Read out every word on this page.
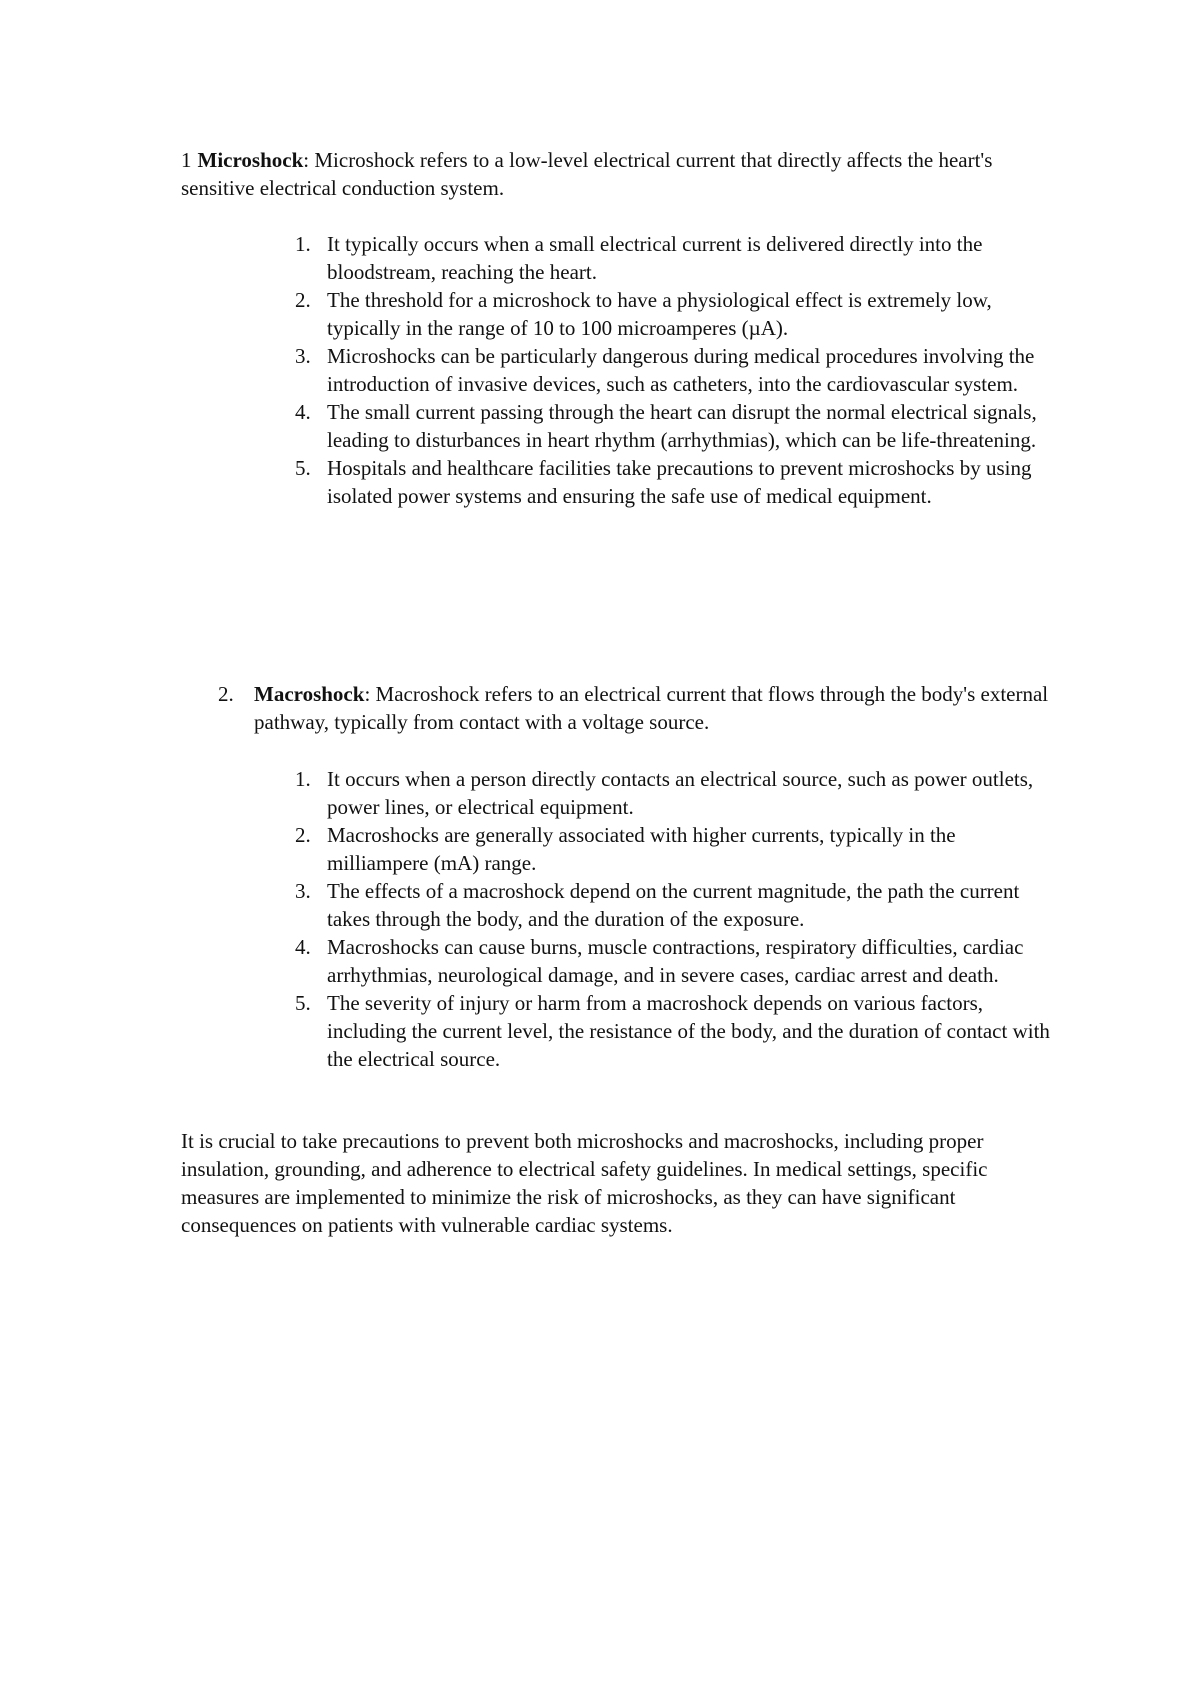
1 Microshock: Microshock refers to a low-level electrical current that directly affects the heart's sensitive electrical conduction system.

1. It typically occurs when a small electrical current is delivered directly into the bloodstream, reaching the heart.
2. The threshold for a microshock to have a physiological effect is extremely low, typically in the range of 10 to 100 microamperes (µA).
3. Microshocks can be particularly dangerous during medical procedures involving the introduction of invasive devices, such as catheters, into the cardiovascular system.
4. The small current passing through the heart can disrupt the normal electrical signals, leading to disturbances in heart rhythm (arrhythmias), which can be life-threatening.
5. Hospitals and healthcare facilities take precautions to prevent microshocks by using isolated power systems and ensuring the safe use of medical equipment.
2. Macroshock: Macroshock refers to an electrical current that flows through the body's external pathway, typically from contact with a voltage source.

1. It occurs when a person directly contacts an electrical source, such as power outlets, power lines, or electrical equipment.
2. Macroshocks are generally associated with higher currents, typically in the milliampere (mA) range.
3. The effects of a macroshock depend on the current magnitude, the path the current takes through the body, and the duration of the exposure.
4. Macroshocks can cause burns, muscle contractions, respiratory difficulties, cardiac arrhythmias, neurological damage, and in severe cases, cardiac arrest and death.
5. The severity of injury or harm from a macroshock depends on various factors, including the current level, the resistance of the body, and the duration of contact with the electrical source.

It is crucial to take precautions to prevent both microshocks and macroshocks, including proper insulation, grounding, and adherence to electrical safety guidelines. In medical settings, specific measures are implemented to minimize the risk of microshocks, as they can have significant consequences on patients with vulnerable cardiac systems.
